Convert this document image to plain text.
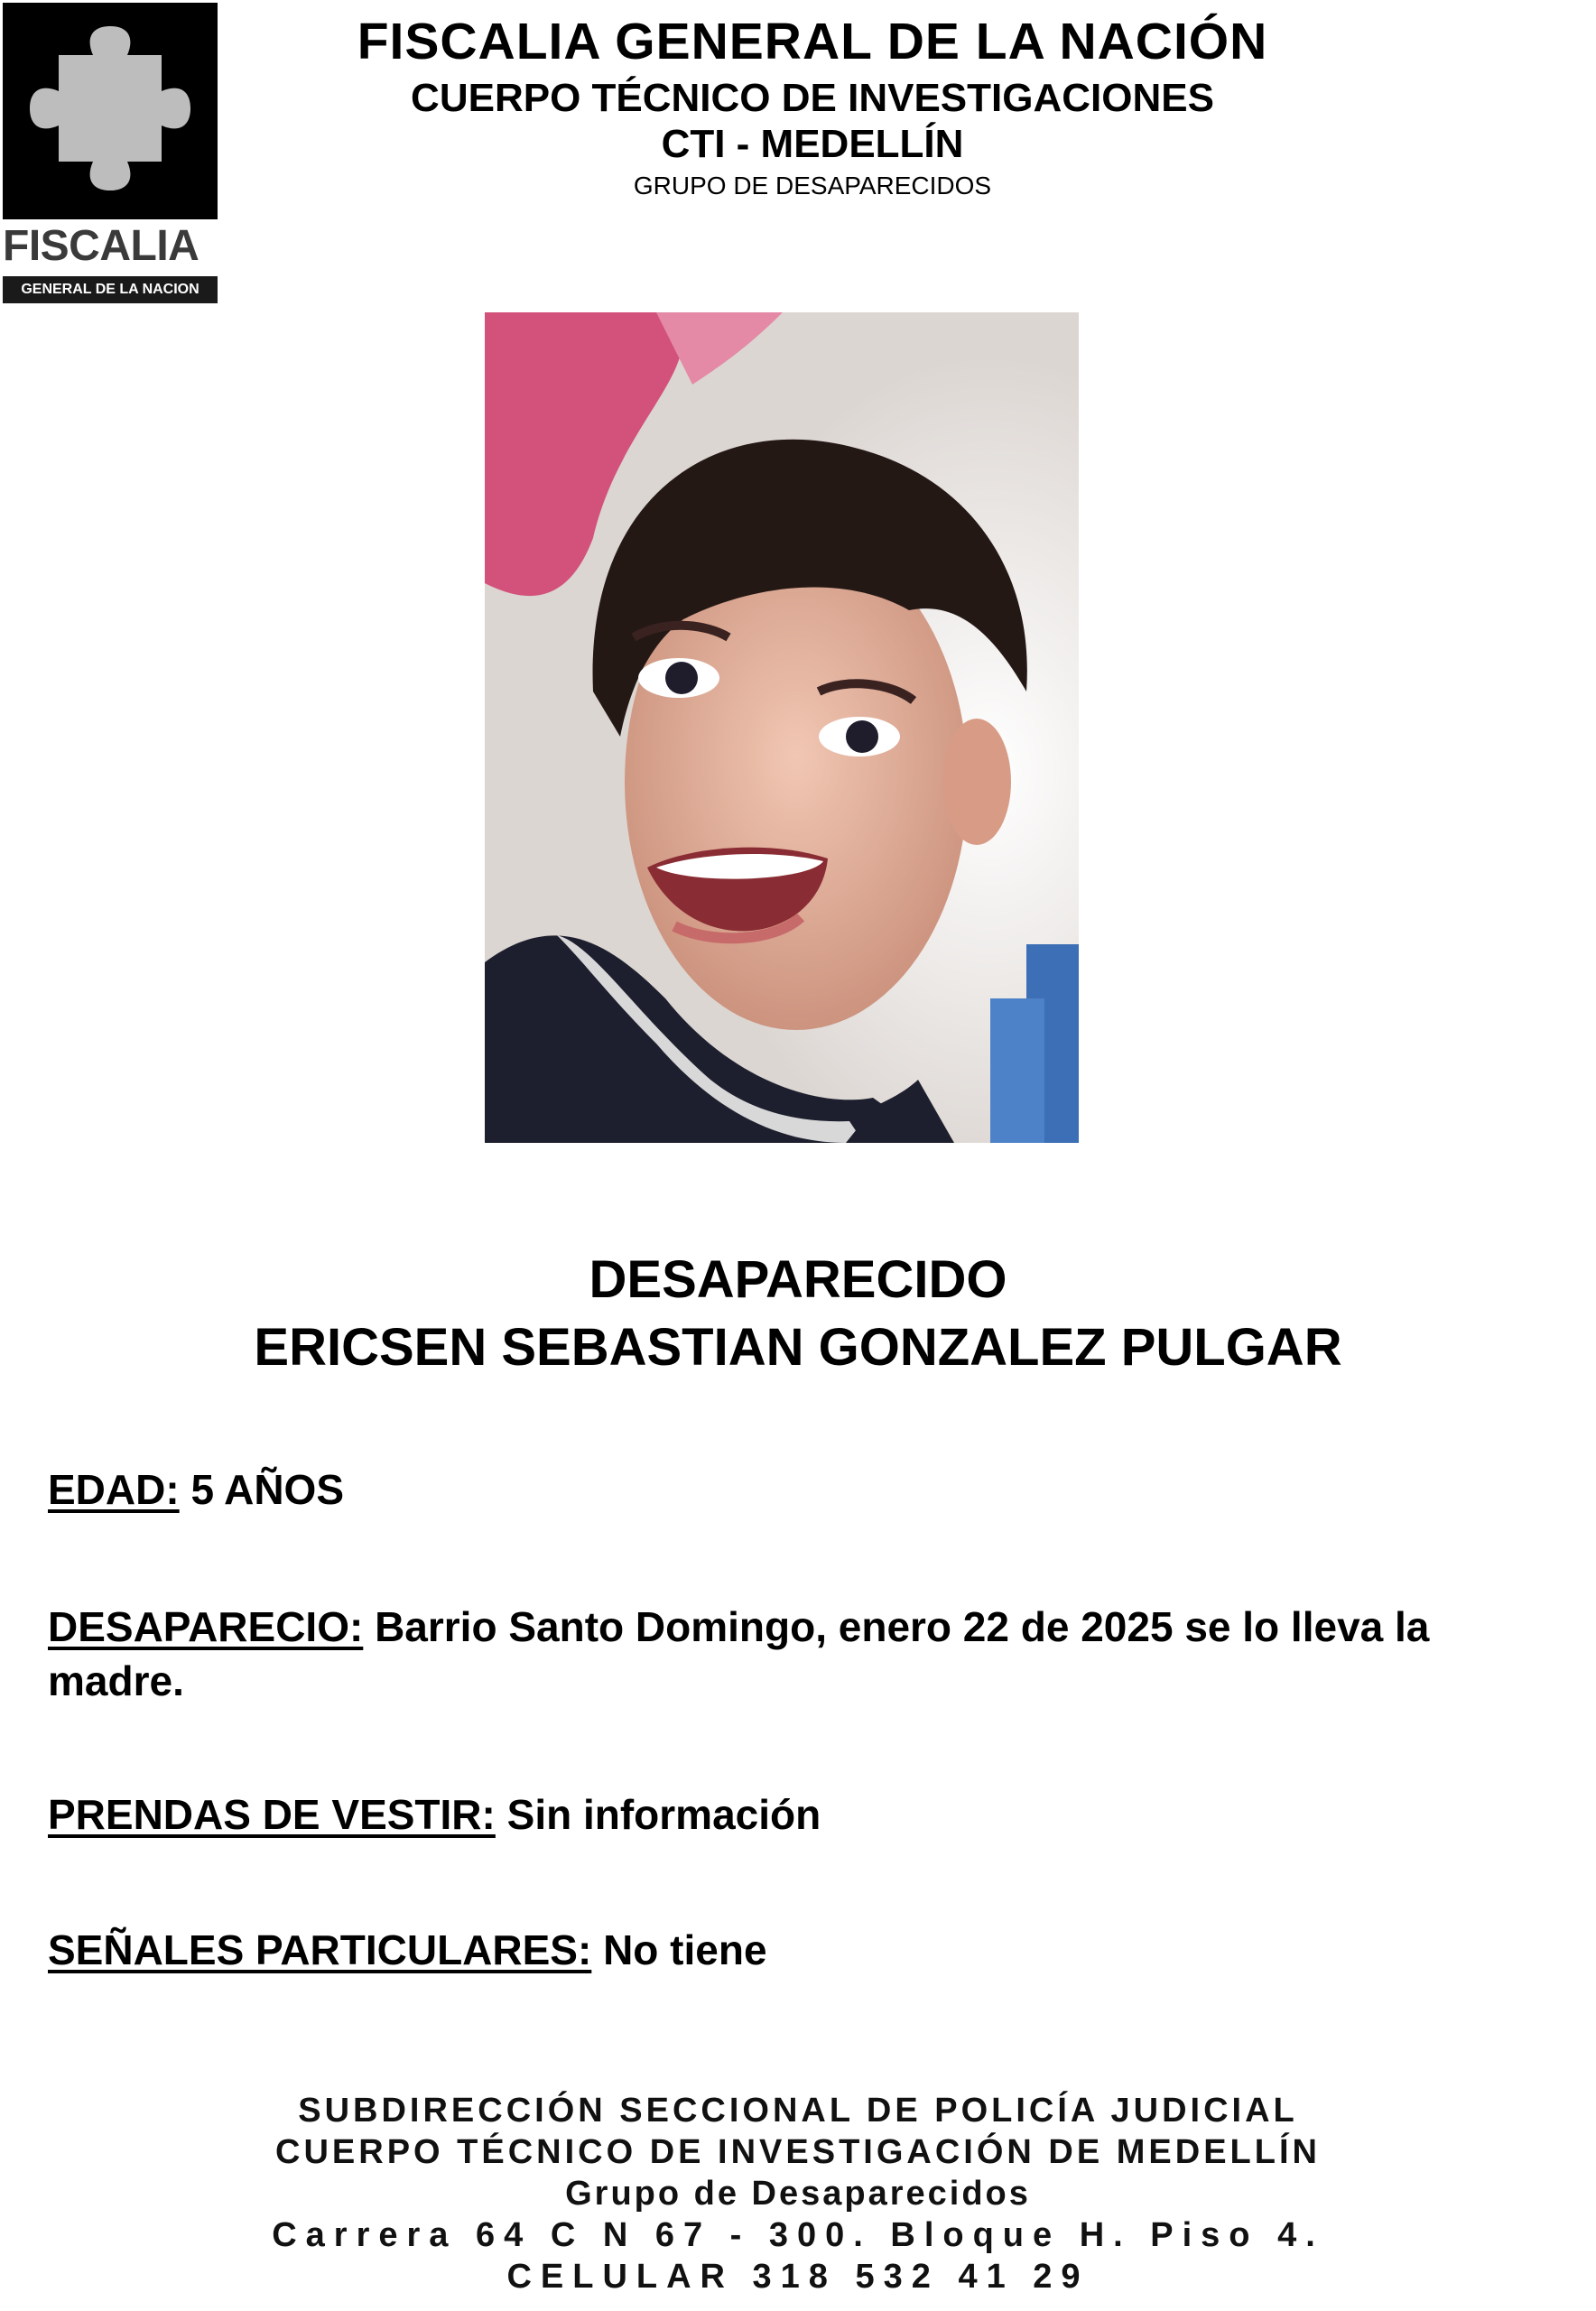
FISCALIA
GENERAL DE LA NACION
FISCALIA GENERAL DE LA NACIÓN
CUERPO TÉCNICO DE INVESTIGACIONES
CTI - MEDELLÍN
GRUPO DE DESAPARECIDOS
DESAPARECIDO
ERICSEN SEBASTIAN GONZALEZ PULGAR
EDAD: 5 AÑOS
DESAPARECIO: Barrio Santo Domingo, enero 22 de 2025 se lo lleva la madre.
PRENDAS DE VESTIR: Sin información
SEÑALES PARTICULARES: No tiene
SUBDIRECCIÓN SECCIONAL DE POLICÍA JUDICIAL
CUERPO TÉCNICO DE INVESTIGACIÓN DE MEDELLÍN
Grupo de Desaparecidos
Carrera 64 C N 67 - 300. Bloque H. Piso 4.
CELULAR 318 532 41 29
